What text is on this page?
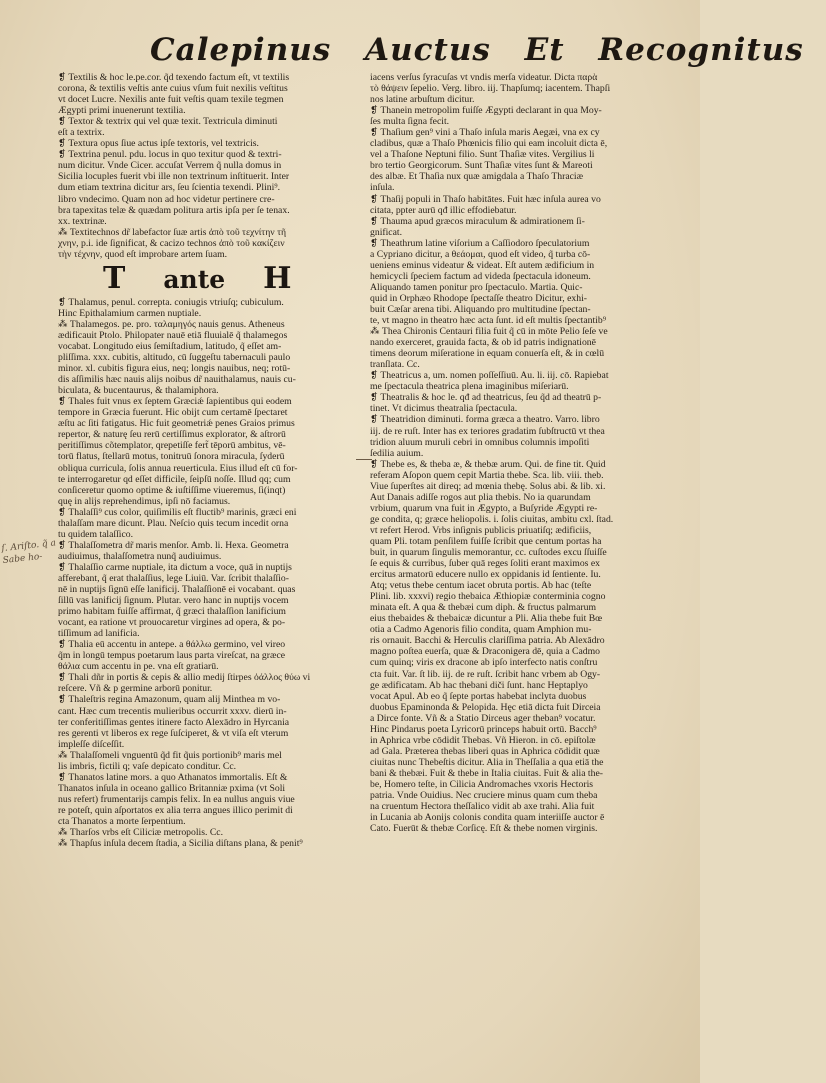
Calepinus Auctus Et Recognitus
❡ Textilis & hoc le.pe.cor. q̃d texendo factum eſt, vt textilis
corona, & textilis veſtis ante cuius vſum fuit nexilis veſtitus
vt docet Lucre. Nexilis ante fuit veſtis quam texile tegmen
Ægypti primi inuenerunt textilia.
❡ Textor & textrix qui vel quæ texit. Textricula diminuti
eſt a textrix.
❡ Textura opus ſiue actus ipſe textoris, vel textricis.
❡ Textrina penul. pdu. locus in quo texitur quod & textri-
num dicitur. Vnde Cicer. accuſat Verrem q̃ nulla domus in
Sicilia locuples fuerit vbi ille non textrinum inſtituerit. Inter
dum etiam textrina dicitur ars, ſeu ſcientia texendi. Plini⁹.
libro vndecimo. Quam non ad hoc videtur pertinere cre-
bra tapexitas telæ & quædam politura artis ipſa per ſe tenax.
xx. textrinæ.
⁂ Textitechnos dr̃ labefactor ſuæ artis ἀπὸ τοῦ τεχνίτην τῆ
χνην, p.i. ide ſignificat, & cacizo technos ἀπὸ τοῦ κακίζειν
τὴν τέχνην, quod eſt improbare artem ſuam.
T ante H
❡ Thalamus, penul. correpta. coniugis vtriuſq; cubiculum.
Hinc Epithalamium carmen nuptiale.
⁂ Thalamegos. pe. pro. ταλαμηγός nauis genus. Atheneus
ædificauit Ptolo. Philopater nauē etiā fluuialē q̃ thalamegos
vocabat. Longitudo eius ſemiſtadium, latitudo, q̃ eſſet am-
pliſſima. xxx. cubitis, altitudo, cū ſuggeſtu tabernaculi paulo
minor. xl. cubitis figura eius, neq; longis nauibus, neq; rotū-
dis aſſimilis hæc nauis alijs noibus dr̃ nauithalamus, nauis cu-
biculata, & bucentaurus, & thalamiphora.
❡ Thales fuit vnus ex ſeptem Græciǽ ſapientibus qui eodem
tempore in Græcia fuerunt. Hic obijt cum certamē ſpectaret
æſtu ac ſiti fatigatus. Hic fuit geometriǽ penes Graios primus
repertor, & naturę ſeu rerū certiſſimus explorator, & aſtrorū
peritiſſimus cõtemplator, qrepetiſſe fert̃ tēporū ambitus, vē-
torū flatus, ſtellarū motus, tonitruū ſonora miracula, ſyderū
obliqua curricula, ſolis annua reuerticula. Eius illud eſt cū for-
te interrogaretur qd eſſet difficile, ſeipſū noſſe. Illud qq; cum
conſiceretur quomo optime & iuſtiſſime viueremus, ſi(inqt)
quę in alijs reprehendimus, ipſi nō faciamus.
❡ Thalaſſi⁹ cus color, quiſimilis eſt fluctib⁹ marinis, græci eni
thalaſſam mare dicunt. Plau. Neſcio quis tecum incedit orna
tu quidem talaſſico.
❡ Thalaſſometra dr̃ maris menſor. Amb. li. Hexa. Geometra
audiuimus, thalaſſometra nunq̃ audiuimus.
❡ Thalaſſio carme nuptiale, ita dictum a voce, quā in nuptijs
afferebant, q̃ erat thalaſſius, lege Liuiū. Var. ſcribit thalaſſio-
nē in nuptijs ſignū eſſe lanificij. Thalaſſionē ei vocabant. quas
ſillū vas lanificij ſignum. Plutar. vero hanc in nuptijs vocem
primo habitam fuiſſe affirmat, q̃ græci thalaſſion lanificium
vocant, ea ratione vt prouocaretur virgines ad opera, & po-
tiſſimum ad lanificia.
❡ Thalia eū accentu in antepe. a θάλλω germino, vel vireo
q̃m in longū tempus poetarum laus parta vireſcat, na græce
θάλια cum accentu in pe. vna eſt gratiarū.
❡ Thali dñr in portis & cepis & allio medij ſtirpes ὀάλλος θύω vi
reſcere. Vñ & p germine arborū ponitur.
❡ Thaleſtris regina Amazonum, quam alij Minthea m vo-
cant. Hæc cum trecentis mulieribus occurrit xxxv. dierū in-
ter conferitiſſimas gentes itinere facto Alexādro in Hyrcania
res gerenti vt liberos ex rege ſuſciperet, & vt viſa eſt vterum
impleſſe diſceſſit.
⁂ Thalaſſomeli vnguentū q̃d fit q̃uis portionib⁹ maris mel
lis imbris, fictili q; vaſe depicato conditur. Cc.
❡ Thanatos latine mors. a quo Athanatos immortalis. Eſt &
Thanatos inſula in oceano gallico Britanniæ pxima (vt Soli
nus refert) frumentarijs campis felix. In ea nullus anguis viue
re poteſt, quin aſportatos ex alia terra angues illico perimit di
cta Thanatos a morte ſerpentium.
⁂ Tharſos vrbs eſt Ciliciæ metropolis. Cc.
⁂ Thapſus inſula decem ſtadia, a Sicilia diſtans plana, & penit⁹
ſ. Ariſto. q̃ a Sabe ho-
iacens verſus ſyracuſas vt vndis merſa videatur. Dicta παρὰ
τὸ θάψειν ſepelio. Verg. libro. iij. Thapſumq; iacentem. Thapſi
nos latine arbuſtum dicitur.
❡ Thanein metropolim fuiſſe Ægypti declarant in qua Moy-
ſes multa ſigna fecit.
❡ Thaſium gen⁹ vini a Thaſo inſula maris Aegæi, vna ex cy
cladibus, quæ a Thaſo Phœnicis filio qui eam incoluit dicta ē,
vel a Thaſone Neptuni filio. Sunt Thaſiæ vites. Vergilius li
bro tertio Georgicorum. Sunt Thaſiæ vites ſunt & Mareoti
des albæ. Et Thaſia nux quæ amigdala a Thaſo Thraciæ
inſula.
❡ Thaſij populi in Thaſo habitātes. Fuit hæc inſula aurea vo
citata, ppter aurū qđ illic effodiebatur.
❡ Thauma apud græcos miraculum & admirationem ſi-
gnificat.
❡ Theathrum latine viſorium a Caſſiodoro ſpeculatorium
a Cypriano dicitur, a θεάομαι, quod eſt video, q̃ turba cō-
ueniens eminus videatur & videat. Eſt autem ædificium in
hemicycli ſpeciem factum ad videda ſpectacula idoneum.
Aliquando tamen ponitur pro ſpectaculo. Martia. Quic-
quid in Orphæo Rhodope ſpectaſſe theatro Dicitur, exhi-
buit Cæſar arena tibi. Aliquando pro multitudine ſpectan-
te, vt magno in theatro hæc acta ſunt. id eſt multis ſpectantib⁹
⁂ Thea Chironis Centauri filia fuit q̃ cū in mōte Pelio ſeſe ve
nando exerceret, grauida facta, & ob id patris indignationē
timens deorum miſeratione in equam conuerſa eſt, & in cœlū
tranſlata. Cc.
❡ Theatricus a, um. nomen poſſeſſiuū. Au. li. iij. cō. Rapiebat
me ſpectacula theatrica plena imaginibus miſeriarū.
❡ Theatralis & hoc le. qđ ad theatricus, ſeu q̃d ad theatrū p-
tinet. Vt dicimus theatralia ſpectacula.
❡ Theatridion diminuti. forma græca a theatro. Varro. libro
iij. de re ruſt. Inter has ex teriores gradatim ſubſtructū vt thea
tridion aluum muruli cebri in omnibus columnis impoſiti
ſedilia auium.
❡ Thebe es, & theba æ, & thebæ arum. Qui. de fine tit. Quid
referam Aſopon quem cepit Martia thebe. Sca. lib. viii. theb.
Viue ſuperſtes ait direq; ad mœnia thebę. Solus abi. & lib. xi.
Aut Danais adiſſe rogos aut plia thebis. No ia quarundam
vrbium, quarum vna fuit in Ægypto, a Buſyride Ægypti re-
ge condita, q; græce heliopolis. i. ſolis ciuitas, ambitu cxl. ſtad.
vt refert Herod. Vrbs inſignis publicis priuatiſq; ædificiis,
quam Pli. totam penſilem fuiſſe ſcribit que centum portas ha
buit, in quarum ſingulis memorantur, cc. cuſtodes excu ſſuiſſe
ſe equis & curribus, ſuber quā reges ſoliti erant maximos ex
ercitus armatorū educere nullo ex oppidanis id ſentiente. Iu.
Atq; vetus thebe centum iacet obruta portis. Ab hac (teſte
Plini. lib. xxxvi) regio thebaica Æthiopiæ conterminia cogno
minata eſt. A qua & thebæi cum diph. & fructus palmarum
eius thebaides & thebaicæ dicuntur a Pli. Alia thebe fuit Bœ
otia a Cadmo Agenoris filio condita, quam Amphion mu-
ris ornauit. Bacchi & Herculis clariſſima patria. Ab Alexādro
magno poſtea euerſa, quæ & Draconigera dē, quia a Cadmo
cum quinq; viris ex dracone ab ipſo interfecto natis conſtru
cta fuit. Var. ſt lib. iij. de re ruſt. ſcribit hanc vrbem ab Ogy-
ge ædificatam. Ab hac thebani diči ſunt. hanc Heptaplyo
vocat Apul. Ab eo q̃ ſepte portas habebat inclyta duobus
duobus Epaminonda & Pelopida. Hęc etiā dicta fuit Dirceia
a Dirce fonte. Vñ & a Statio Dirceus ager theban⁹ vocatur.
Hinc Pindarus poeta Lyricorū princeps habuit ortū. Bacch⁹
in Aphrica vrbe cōdidit Thebas. Vñ Hieron. in cō. epiſtolæ
ad Gala. Præterea thebas liberi quas in Aphrica cōdidit quæ
ciuitas nunc Thebeſtis dicitur. Alia in Theſſalia a qua etiā the
bani & thebæi. Fuit & thebe in Italia ciuitas. Fuit & alia the-
be, Homero teſte, in Cilicia Andromaches vxoris Hectoris
patria. Vnde Ouidius. Nec cruciere minus quam cum theba
na cruentum Hectora theſſalico vidit ab axe trahi. Alia fuit
in Lucania ab Aonijs colonis condita quam interiiſſe auctor ē
Cato. Fuerūt & thebæ Corſicę. Eſt & thebe nomen virginis.
